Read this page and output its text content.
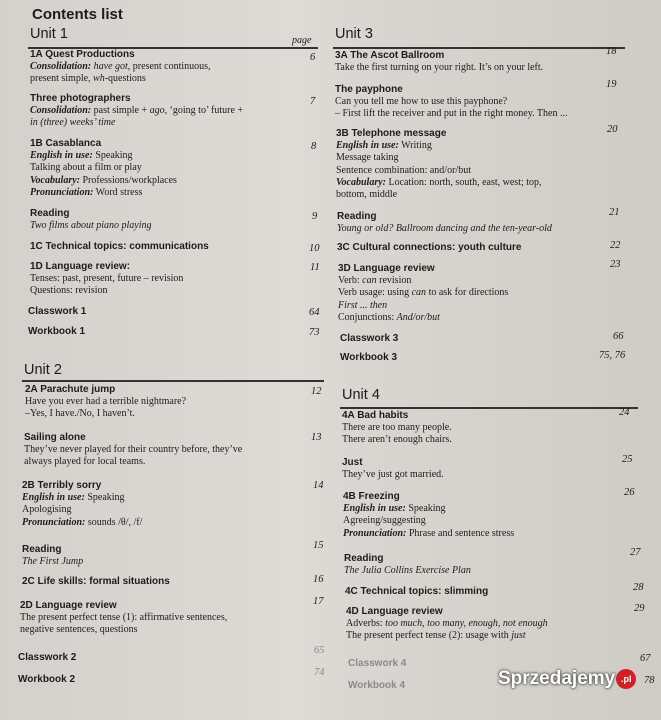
Contents list
Unit 1	page
1A Quest Productions
Consolidation: have got, present continuous,
present simple, wh-questions
Three photographers
Consolidation: past simple + ago, ‘going to’ future +
in (three) weeks’ time
1B Casablanca
English in use: Speaking
Talking about a film or play
Vocabulary: Professions/workplaces
Pronunciation: Word stress
Reading
Two films about piano playing
1C Technical topics: communications
1D Language review:
Tenses: past, present, future – revision
Questions: revision
Classwork 1
Workbook 1
Unit 2
2A Parachute jump
Have you ever had a terrible nightmare?
–Yes, I have./No, I haven’t.
Sailing alone
They’ve never played for their country before, they’ve
always played for local teams.
2B Terribly sorry
English in use: Speaking
Apologising
Pronunciation: sounds /θ/, /f/
Reading
The First Jump
2C Life skills: formal situations
2D Language review
The present perfect tense (1): affirmative sentences,
negative sentences, questions
Classwork 2
Workbook 2
Unit 3
3A The Ascot Ballroom
Take the first turning on your right. It’s on your left.
The payphone
Can you tell me how to use this payphone?
– First lift the receiver and put in the right money. Then ...
3B Telephone message
English in use: Writing
Message taking
Sentence combination: and/or/but
Vocabulary: Location: north, south, east, west; top,
bottom, middle
Reading
Young or old? Ballroom dancing and the ten-year-old
3C Cultural connections: youth culture
3D Language review
Verb: can revision
Verb usage: using can to ask for directions
First ... then
Conjunctions: And/or/but
Classwork 3
Workbook 3
Unit 4
4A Bad habits
There are too many people.
There aren’t enough chairs.
Just
They’ve just got married.
4B Freezing
English in use: Speaking
Agreeing/suggesting
Pronunciation: Phrase and sentence stress
Reading
The Julia Collins Exercise Plan
4C Technical topics: slimming
4D Language review
Adverbs: too much, too many, enough, not enough
The present perfect tense (2): usage with just
Classwork 4
Workbook 4
6
7
8
9
10
11
64
73
12
13
14
15
16
17
65
74
18
19
20
21
22
23
66
75, 76
24
25
26
27
28
29
67
78
Sprzedajemy .pl
